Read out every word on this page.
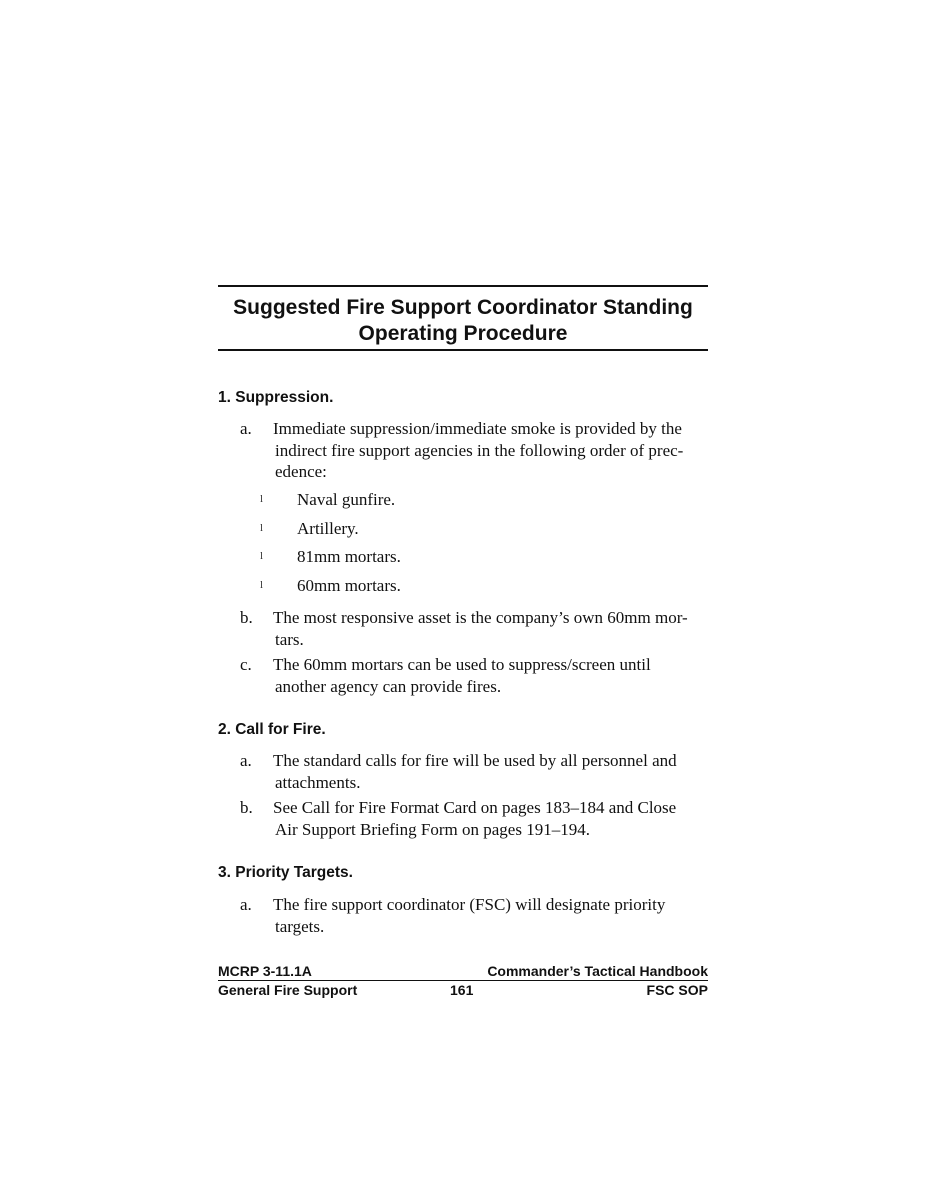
Suggested Fire Support Coordinator Standing
Operating Procedure
1. Suppression.
a.	Immediate suppression/immediate smoke is provided by the
indirect fire support agencies in the following order of prec-
edence:
l Naval gunfire.
l Artillery.
l 81mm mortars.
l 60mm mortars.
b.	The most responsive asset is the company’s own 60mm mor-
tars.
c.	The 60mm mortars can be used to suppress/screen until
another agency can provide fires.
2. Call for Fire.
a.	The standard calls for fire will be used by all personnel and
attachments.
b.	See Call for Fire Format Card on pages 183–184 and Close
Air Support Briefing Form on pages 191–194.
3. Priority Targets.
a.	The fire support coordinator (FSC) will designate priority
targets.
MCRP 3-11.1A	Commander’s Tactical Handbook
General Fire Support	161	FSC SOP
